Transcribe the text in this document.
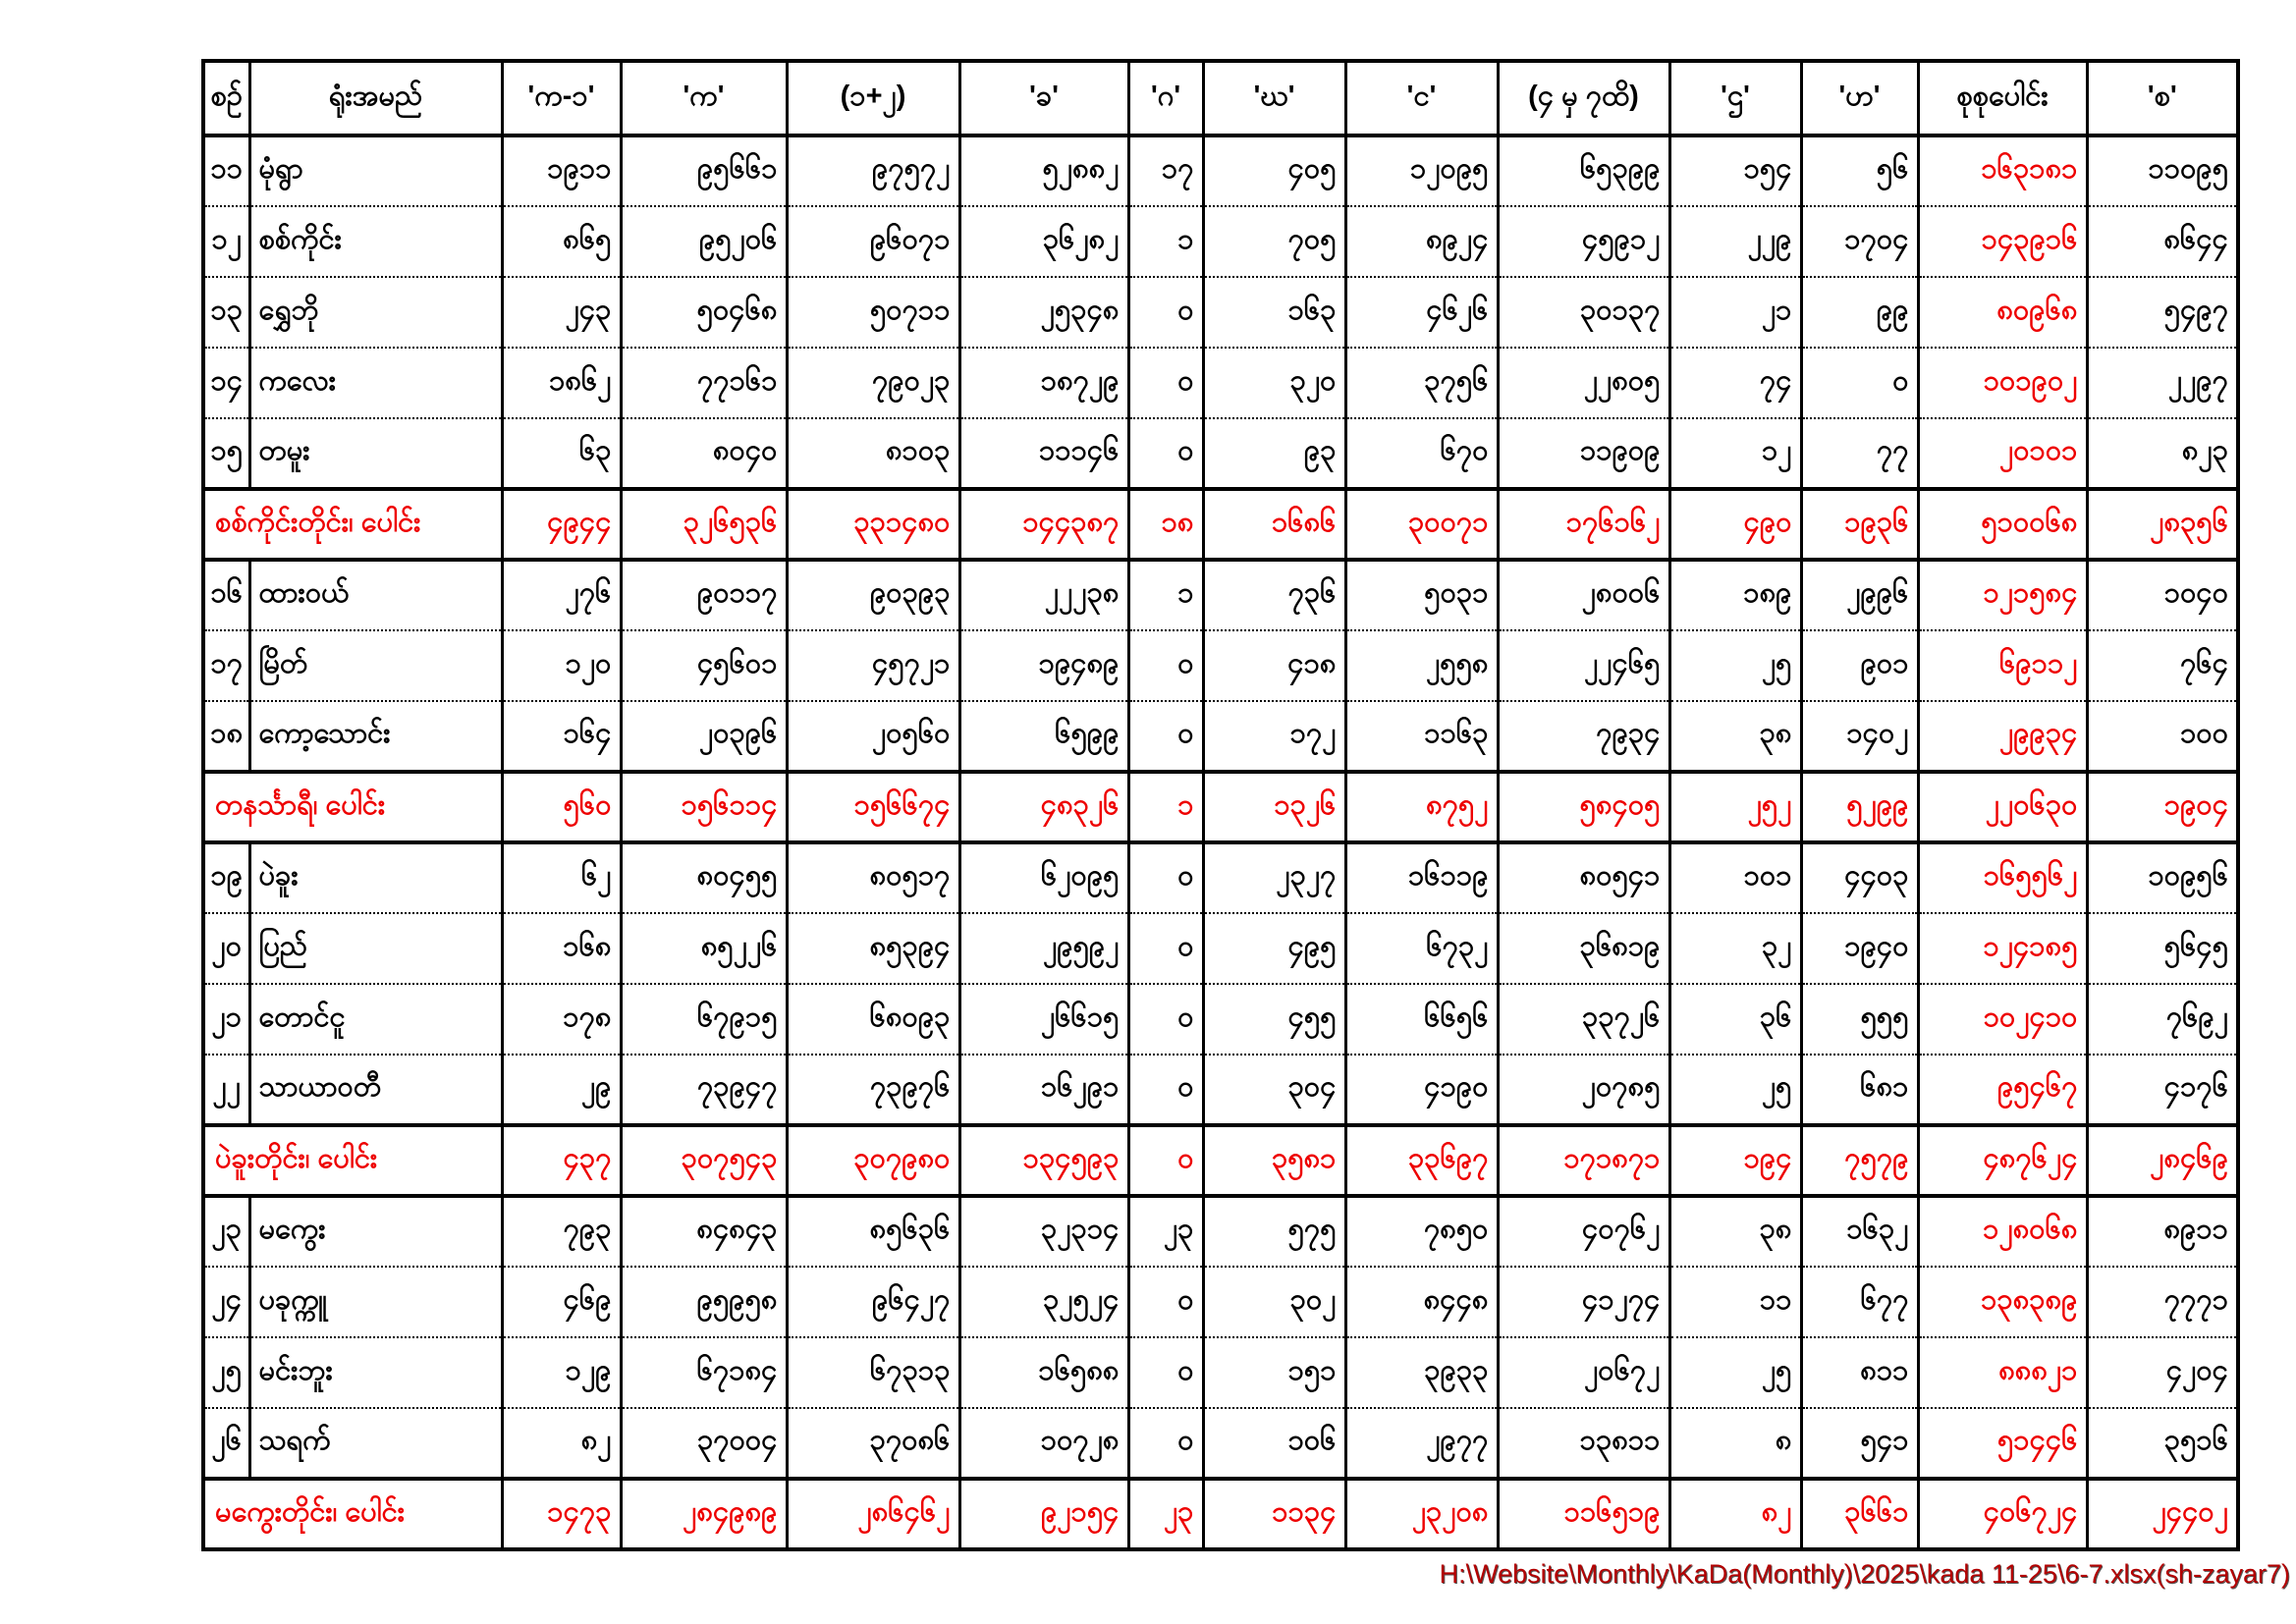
စဉ်	ရုံးအမည်	'က-၁'	'က'	(၁+၂)	'ခ'	'ဂ'	'ဃ'	'င'	(၄ မှ ၇ထိ)	'ဌ'	'ဟ'	စုစုပေါင်း	'စ'
၁၁	မုံရွာ	၁၉၁၁	၉၅၆၆၁	၉၇၅၇၂	၅၂၈၈၂	၁၇	၄၀၅	၁၂၀၉၅	၆၅၃၉၉	၁၅၄	၅၆	၁၆၃၁၈၁	၁၁၀၉၅
၁၂	စစ်ကိုင်း	၈၆၅	၉၅၂၀၆	၉၆၀၇၁	၃၆၂၈၂	၁	၇၀၅	၈၉၂၄	၄၅၉၁၂	၂၂၉	၁၇၀၄	၁၄၃၉၁၆	၈၆၄၄
၁၃	ရွှေဘို	၂၄၃	၅၀၄၆၈	၅၀၇၁၁	၂၅၃၄၈	၀	၁၆၃	၄၆၂၆	၃၀၁၃၇	၂၁	၉၉	၈၀၉၆၈	၅၄၉၇
၁၄	ကလေး	၁၈၆၂	၇၇၁၆၁	၇၉၀၂၃	၁၈၇၂၉	၀	၃၂၀	၃၇၅၆	၂၂၈၀၅	၇၄	၀	၁၀၁၉၀၂	၂၂၉၇
၁၅	တမူး	၆၃	၈၀၄၀	၈၁၀၃	၁၁၁၄၆	၀	၉၃	၆၇၀	၁၁၉၀၉	၁၂	၇၇	၂၀၁၀၁	၈၂၃
စစ်ကိုင်းတိုင်း၊ ပေါင်း		၄၉၄၄	၃၂၆၅၃၆	၃၃၁၄၈၀	၁၄၄၃၈၇	၁၈	၁၆၈၆	၃၀၀၇၁	၁၇၆၁၆၂	၄၉၀	၁၉၃၆	၅၁၀၀၆၈	၂၈၃၅၆
၁၆	ထားဝယ်	၂၇၆	၉၀၁၁၇	၉၀၃၉၃	၂၂၂၃၈	၁	၇၃၆	၅၀၃၁	၂၈၀၀၆	၁၈၉	၂၉၉၆	၁၂၁၅၈၄	၁၀၄၀
၁၇	မြိတ်	၁၂၀	၄၅၆၀၁	၄၅၇၂၁	၁၉၄၈၉	၀	၄၁၈	၂၅၅၈	၂၂၄၆၅	၂၅	၉၀၁	၆၉၁၁၂	၇၆၄
၁၈	ကော့သောင်း	၁၆၄	၂၀၃၉၆	၂၀၅၆၀	၆၅၉၉	၀	၁၇၂	၁၁၆၃	၇၉၃၄	၃၈	၁၄၀၂	၂၉၉၃၄	၁၀၀
တနင်္သာရီ၊ ပေါင်း		၅၆၀	၁၅၆၁၁၄	၁၅၆၆၇၄	၄၈၃၂၆	၁	၁၃၂၆	၈၇၅၂	၅၈၄၀၅	၂၅၂	၅၂၉၉	၂၂၀၆၃၀	၁၉၀၄
၁၉	ပဲခူး	၆၂	၈၀၄၅၅	၈၀၅၁၇	၆၂၀၉၅	၀	၂၃၂၇	၁၆၁၁၉	၈၀၅၄၁	၁၀၁	၄၄၀၃	၁၆၅၅၆၂	၁၀၉၅၆
၂၀	ပြည်	၁၆၈	၈၅၂၂၆	၈၅၃၉၄	၂၉၅၉၂	၀	၄၉၅	၆၇၃၂	၃၆၈၁၉	၃၂	၁၉၄၀	၁၂၄၁၈၅	၅၆၄၅
၂၁	တောင်ငူ	၁၇၈	၆၇၉၁၅	၆၈၀၉၃	၂၆၆၁၅	၀	၄၅၅	၆၆၅၆	၃၃၇၂၆	၃၆	၅၅၅	၁၀၂၄၁၀	၇၆၉၂
၂၂	သာယာဝတီ	၂၉	၇၃၉၄၇	၇၃၉၇၆	၁၆၂၉၁	၀	၃၀၄	၄၁၉၀	၂၀၇၈၅	၂၅	၆၈၁	၉၅၄၆၇	၄၁၇၆
ပဲခူးတိုင်း၊ ပေါင်း		၄၃၇	၃၀၇၅၄၃	၃၀၇၉၈၀	၁၃၄၅၉၃	၀	၃၅၈၁	၃၃၆၉၇	၁၇၁၈၇၁	၁၉၄	၇၅၇၉	၄၈၇၆၂၄	၂၈၄၆၉
၂၃	မကွေး	၇၉၃	၈၄၈၄၃	၈၅၆၃၆	၃၂၃၁၄	၂၃	၅၇၅	၇၈၅၀	၄၀၇၆၂	၃၈	၁၆၃၂	၁၂၈၀၆၈	၈၉၁၁
၂၄	ပခုက္ကူ	၄၆၉	၉၅၉၅၈	၉၆၄၂၇	၃၂၅၂၄	၀	၃၀၂	၈၄၄၈	၄၁၂၇၄	၁၁	၆၇၇	၁၃၈၃၈၉	၇၇၇၁
၂၅	မင်းဘူး	၁၂၉	၆၇၁၈၄	၆၇၃၁၃	၁၆၅၈၈	၀	၁၅၁	၃၉၃၃	၂၀၆၇၂	၂၅	၈၁၁	၈၈၈၂၁	၄၂၀၄
၂၆	သရက်	၈၂	၃၇၀၀၄	၃၇၀၈၆	၁၀၇၂၈	၀	၁၀၆	၂၉၇၇	၁၃၈၁၁	၈	၅၄၁	၅၁၄၄၆	၃၅၁၆
မကွေးတိုင်း၊ ပေါင်း		၁၄၇၃	၂၈၄၉၈၉	၂၈၆၄၆၂	၉၂၁၅၄	၂၃	၁၁၃၄	၂၃၂၀၈	၁၁၆၅၁၉	၈၂	၃၆၆၁	၄၀၆၇၂၄	၂၄၄၀၂
H:\Website\Monthly\KaDa(Monthly)\2025\kada 11-25\6-7.xlsx(sh-zayar7)
